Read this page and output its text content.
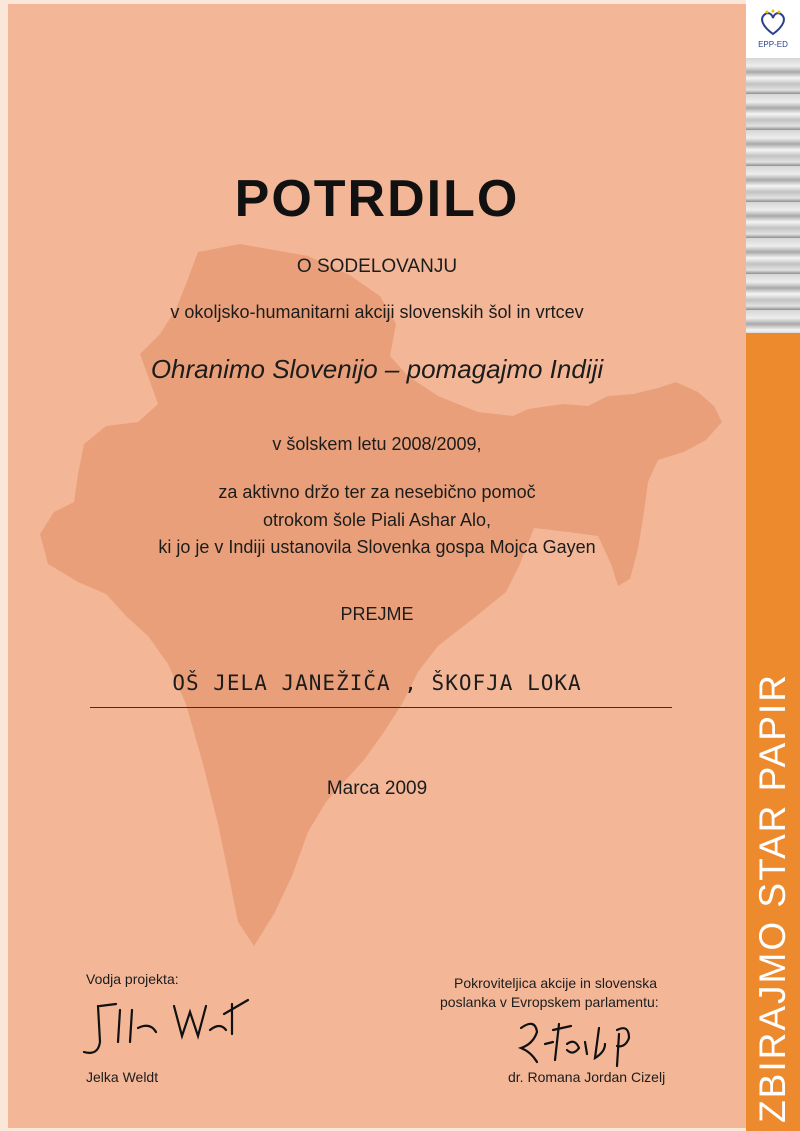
POTRDILO
O SODELOVANJU
v okoljsko-humanitarni akciji slovenskih šol in vrtcev
Ohranimo Slovenijo – pomagajmo Indiji
v šolskem letu 2008/2009,
za aktivno držo ter za nesebično pomoč
otrokom šole Piali Ashar Alo,
ki jo je v Indiji ustanovila Slovenka gospa Mojca Gayen
PREJME
OŠ JELA JANEŽIČA , ŠKOFJA LOKA
Marca 2009
Vodja projekta:
Jelka Weldt
Pokroviteljica akcije in slovenska
poslanka v Evropskem parlamentu:
dr. Romana Jordan Cizelj
EPP-ED
ZBIRAJMO STAR PAPIR
